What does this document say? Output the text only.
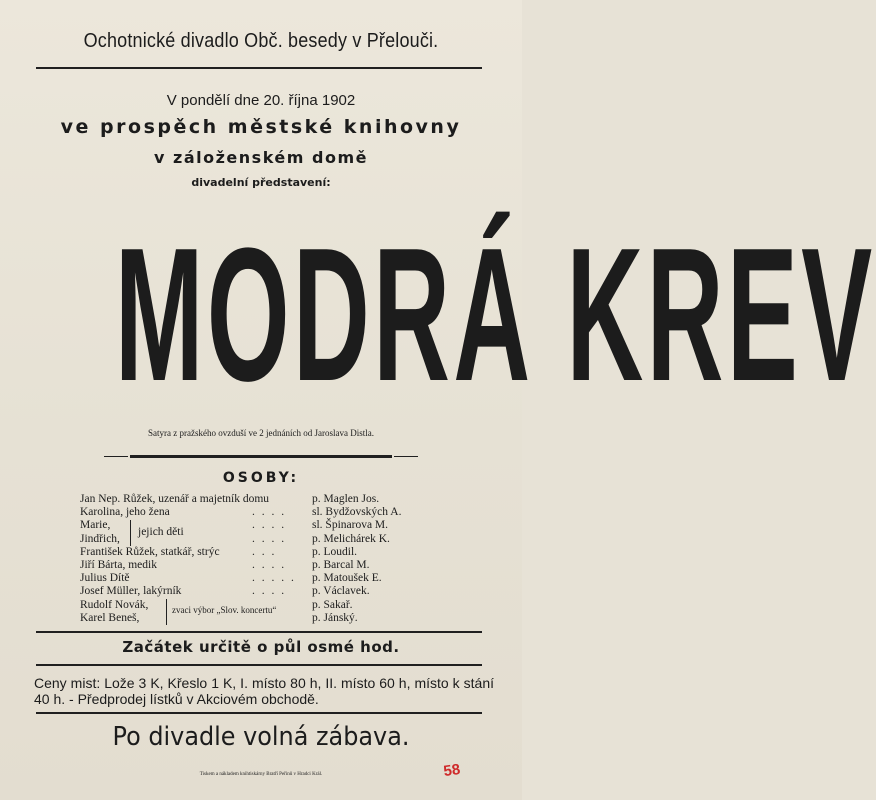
Ochotnické divadlo Obč. besedy v Přelouči.
V pondělí dne 20. října 1902
ve prospěch městské knihovny
v záloženském domě
divadelní představení:
MODRÁ KREV
Satyra z pražského ovzduší ve 2 jednáních od Jaroslava Distla.
OSOBY:
Jan Nep. Růžek, uzenář a majetník domu	p. Maglen Jos.
Karolina, jeho žena	. . . . sl. Bydžovských A.
Marie,	. . . . sl. Špinarova M.
Jindřich,	. . . . p. Melichárek K.
František Růžek, statkář, strýc	. . .	p. Loudil.
Jiří Bárta, medik	. . . . p. Barcal M.
Julius Dítě	. . . . . p. Matoušek E.
Josef Müller, lakýrník	. . . . p. Václavek.
Rudolf Novák,	p. Sakař.
Karel Beneš,	p. Jánský.
jejich děti
zvaci výbor „Slov. koncertu“
Začátek určitě o půl osmé hod.
Ceny mist: Lože 3 K, Křeslo 1 K, I. místo 80 h, II. místo 60 h, místo k stání 40 h. - Předprodej lístků v Akciovém obchodě.
Po divadle volná zábava.
Tiskem a nákladem knihtiskárny Bratří Peřinů v Hradci Král.	58
